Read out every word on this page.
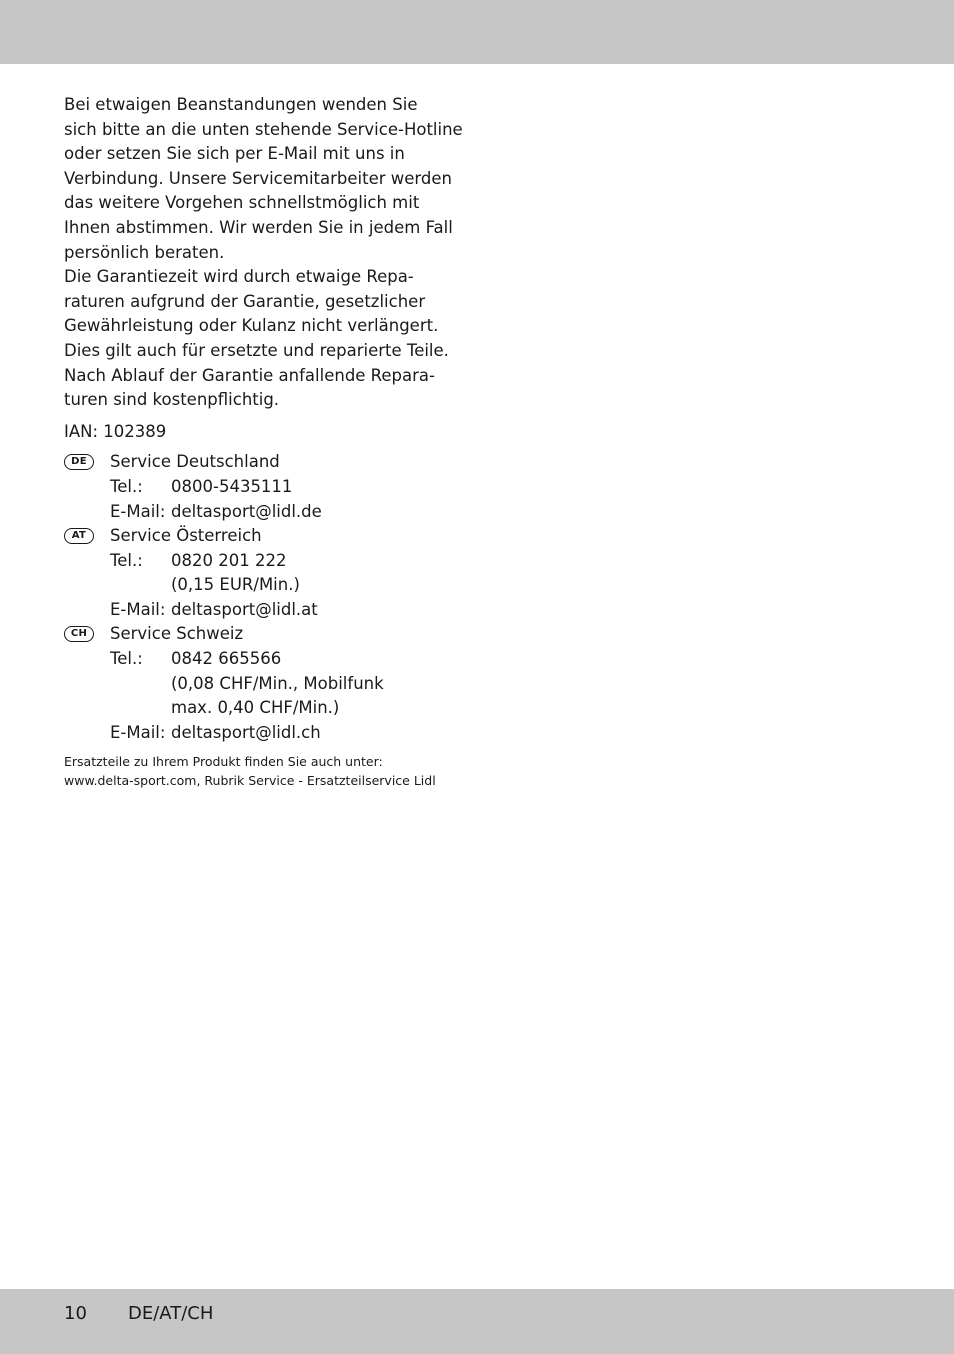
Bei etwaigen Beanstandungen wenden Sie
sich bitte an die unten stehende Service-Hotline
oder setzen Sie sich per E-Mail mit uns in
Verbindung. Unsere Servicemitarbeiter werden
das weitere Vorgehen schnellstmöglich mit
Ihnen abstimmen. Wir werden Sie in jedem Fall
persönlich beraten.

Die Garantiezeit wird durch etwaige Repa-
raturen aufgrund der Garantie, gesetzlicher
Gewährleistung oder Kulanz nicht verlängert.
Dies gilt auch für ersetzte und reparierte Teile.
Nach Ablauf der Garantie anfallende Repara-
turen sind kostenpflichtig.

IAN: 102389

DE	Service Deutschland
Tel.:	0800-5435111
E-Mail: deltasport@lidl.de
AT	Service Österreich
Tel.:	0820 201 222
(0,15 EUR/Min.)
E-Mail: deltasport@lidl.at
CH	Service Schweiz
Tel.:	0842 665566
(0,08 CHF/Min., Mobilfunk
max. 0,40 CHF/Min.)
E-Mail: deltasport@lidl.ch
Ersatzteile zu Ihrem Produkt finden Sie auch unter:
www.delta-sport.com, Rubrik Service - Ersatzteilservice Lidl
10 DE/AT/CH
